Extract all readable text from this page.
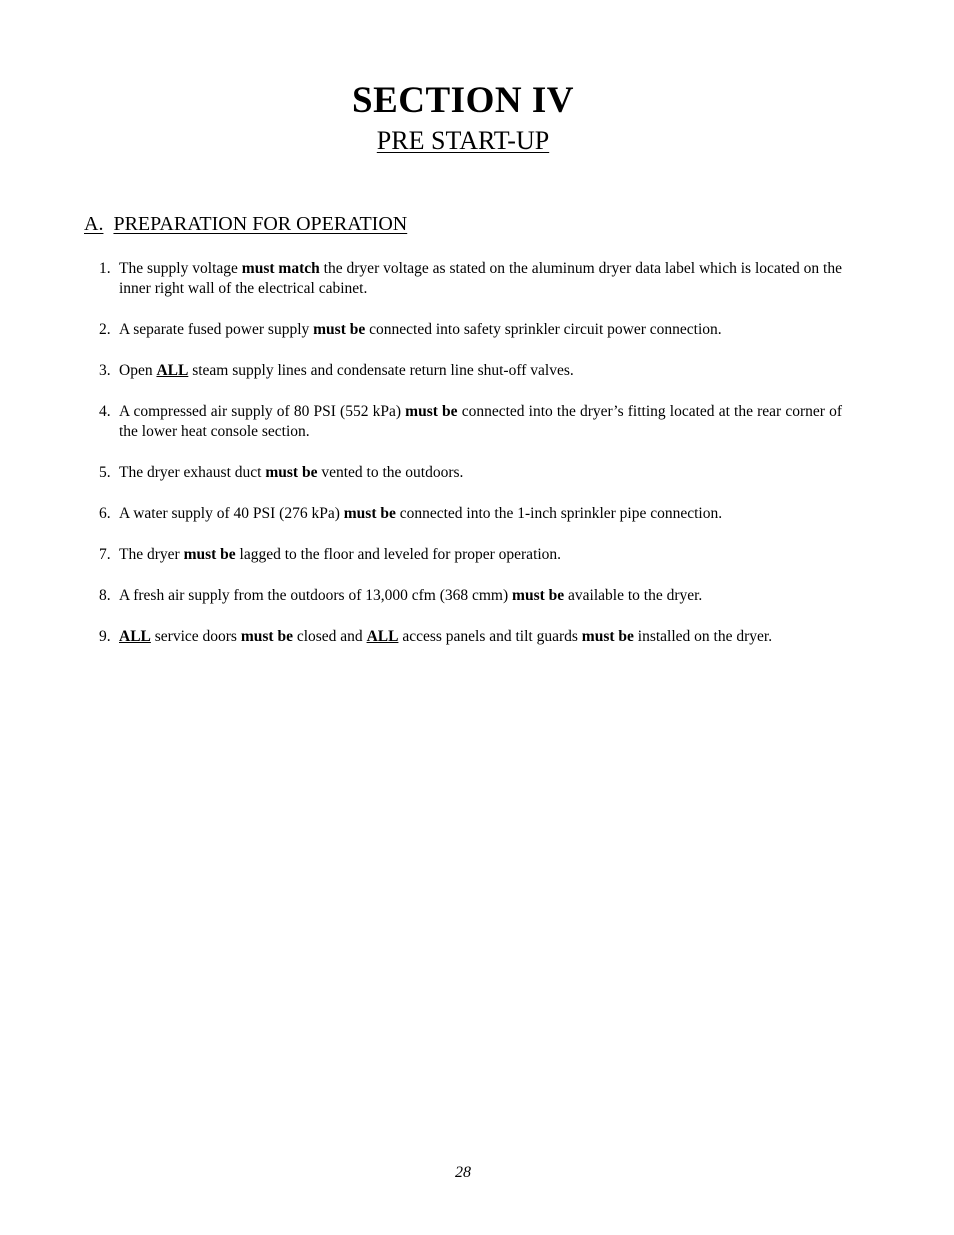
SECTION IV
PRE START-UP
A. PREPARATION FOR OPERATION
1. The supply voltage must match the dryer voltage as stated on the aluminum dryer data label which is located on the inner right wall of the electrical cabinet.
2. A separate fused power supply must be connected into safety sprinkler circuit power connection.
3. Open ALL steam supply lines and condensate return line shut-off valves.
4. A compressed air supply of 80 PSI (552 kPa) must be connected into the dryer’s fitting located at the rear corner of the lower heat console section.
5. The dryer exhaust duct must be vented to the outdoors.
6. A water supply of 40 PSI (276 kPa) must be connected into the 1-inch sprinkler pipe connection.
7. The dryer must be lagged to the floor and leveled for proper operation.
8. A fresh air supply from the outdoors of 13,000 cfm (368 cmm) must be available to the dryer.
9. ALL service doors must be closed and ALL access panels and tilt guards must be installed on the dryer.
28
